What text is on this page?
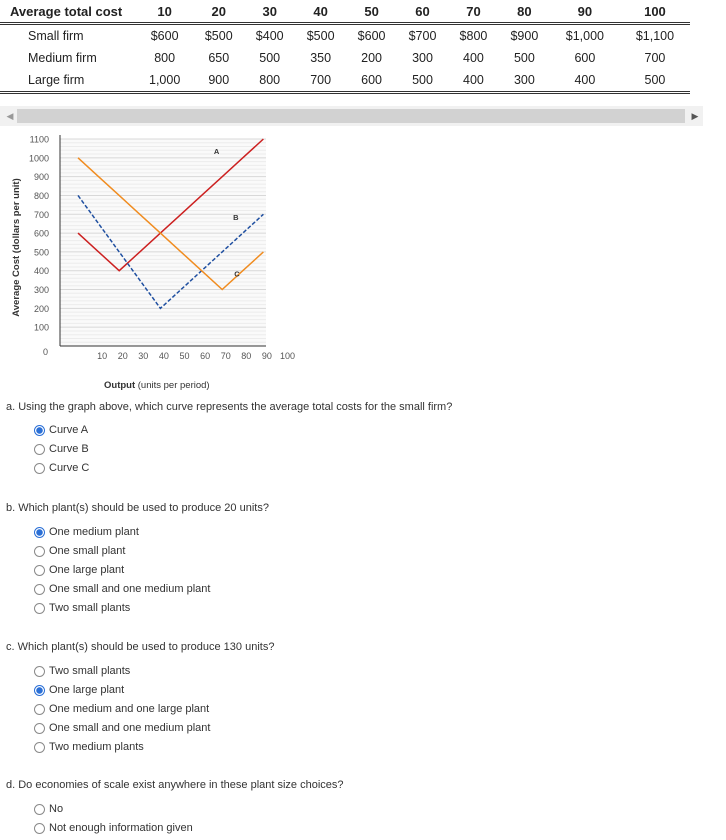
Average total cost	10	20	30	40	50	60	70	80	90	100
Small firm	$600	$500	$400	$500	$600	$700	$800	$900	$1,000	$1,100
Medium firm	800	650	500	350	200	300	400	500	600	700
Large firm	1,000	900	800	700	600	500	400	300	400	500
◀	▶
0
100
200
300
400
500
600
700
800
900
1000
1100
10 20 30 40 50 60 70 80 90 100
Average Cost (dollars per unit)
Output (units per period)
A
B
C
a. Using the graph above, which curve represents the average total costs for the small firm?
Curve A
Curve B
Curve C
b. Which plant(s) should be used to produce 20 units?
One medium plant
One small plant
One large plant
One small and one medium plant
Two small plants
c. Which plant(s) should be used to produce 130 units?
Two small plants
One large plant
One medium and one large plant
One small and one medium plant
Two medium plants
d. Do economies of scale exist anywhere in these plant size choices?
No
Not enough information given
